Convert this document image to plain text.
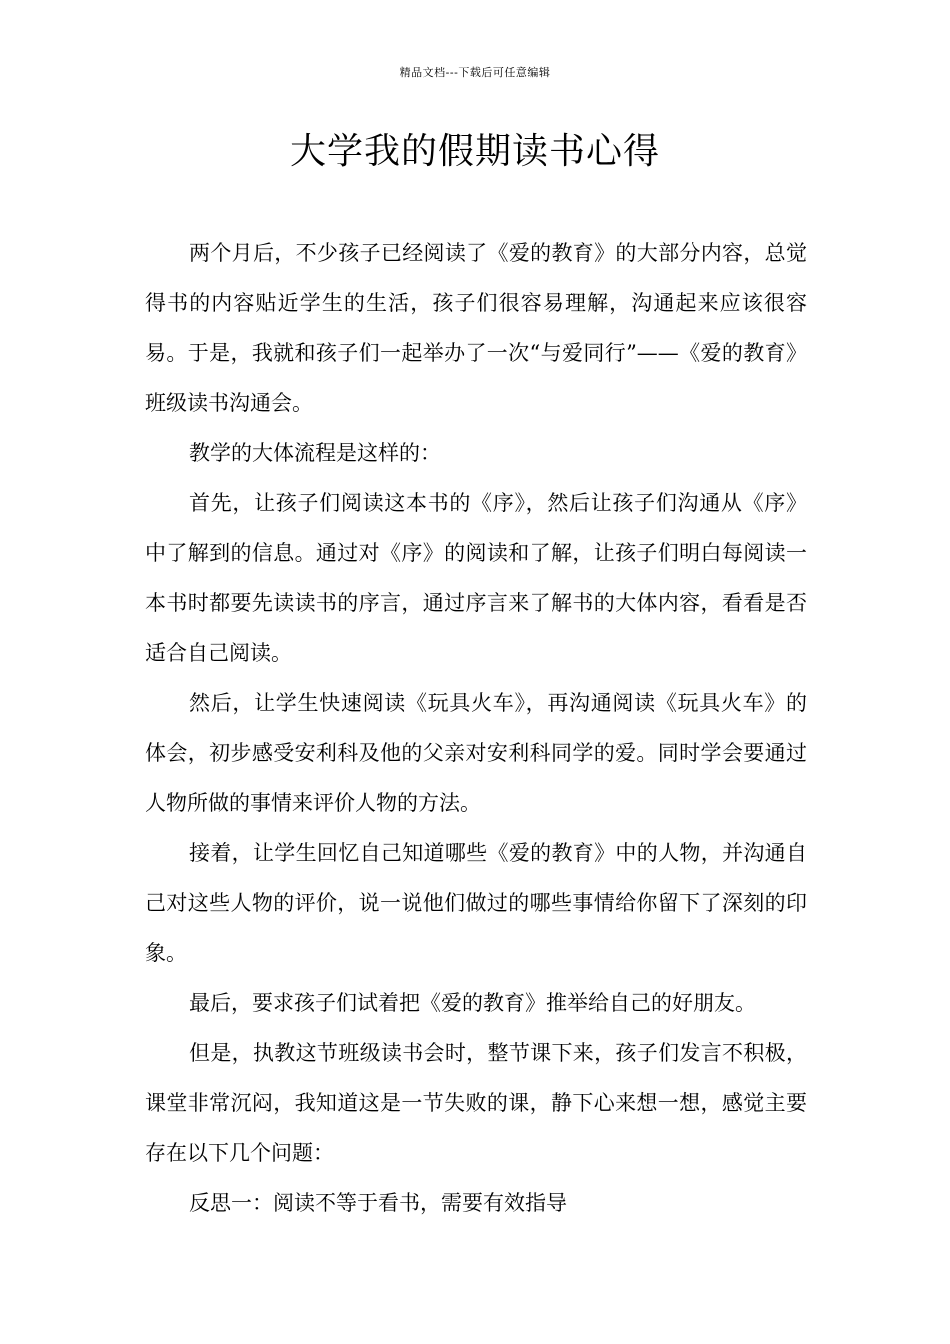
精品文档---下载后可任意编辑
大学我的假期读书心得

两个月后，不少孩子已经阅读了《爱的教育》的大部分内容，总觉得书的内容贴近学生的生活，孩子们很容易理解，沟通起来应该很容易。于是，我就和孩子们一起举办了一次“与爱同行”——《爱的教育》班级读书沟通会。

教学的大体流程是这样的：

首先，让孩子们阅读这本书的《序》，然后让孩子们沟通从《序》中了解到的信息。通过对《序》的阅读和了解，让孩子们明白每阅读一本书时都要先读读书的序言，通过序言来了解书的大体内容，看看是否适合自己阅读。

然后，让学生快速阅读《玩具火车》，再沟通阅读《玩具火车》的体会，初步感受安利科及他的父亲对安利科同学的爱。同时学会要通过人物所做的事情来评价人物的方法。

接着，让学生回忆自己知道哪些《爱的教育》中的人物，并沟通自己对这些人物的评价，说一说他们做过的哪些事情给你留下了深刻的印象。

最后，要求孩子们试着把《爱的教育》推举给自己的好朋友。

但是，执教这节班级读书会时，整节课下来，孩子们发言不积极，课堂非常沉闷，我知道这是一节失败的课，静下心来想一想，感觉主要存在以下几个问题：

反思一：阅读不等于看书，需要有效指导
